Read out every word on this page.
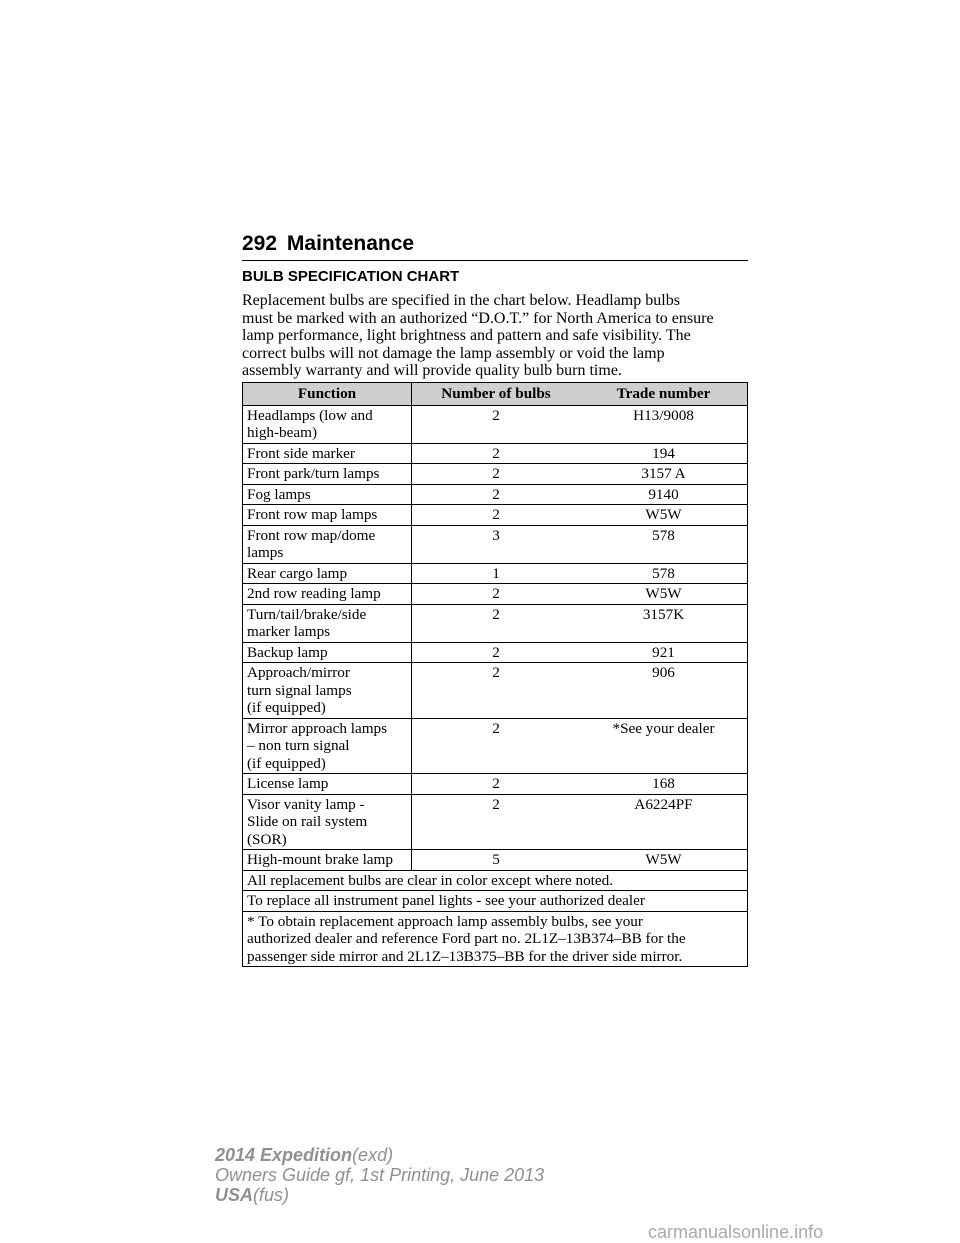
292 Maintenance
BULB SPECIFICATION CHART
Replacement bulbs are specified in the chart below. Headlamp bulbs
must be marked with an authorized “D.O.T.” for North America to ensure
lamp performance, light brightness and pattern and safe visibility. The
correct bulbs will not damage the lamp assembly or void the lamp
assembly warranty and will provide quality bulb burn time.
Function	Number of bulbs	Trade number

Headlamps (low and
high-beam)	2	H13/9008

Front side marker	2	194

Front park/turn lamps	2	3157 A

Fog lamps	2	9140

Front row map lamps	2	W5W

Front row map/dome
lamps	3	578

Rear cargo lamp	1	578

2nd row reading lamp	2	W5W

Turn/tail/brake/side
marker lamps	2	3157K

Backup lamp	2	921

Approach/mirror
turn signal lamps
(if equipped)	2	906

Mirror approach lamps
– non turn signal
(if equipped)	2	*See your dealer

License lamp	2	168

Visor vanity lamp -
Slide on rail system
(SOR)	2	A6224PF

High-mount brake lamp	5	W5W

All replacement bulbs are clear in color except where noted.		

To replace all instrument panel lights - see your authorized dealer		

* To obtain replacement approach lamp assembly bulbs, see your
authorized dealer and reference Ford part no. 2L1Z–13B374–BB for the
passenger side mirror and 2L1Z–13B375–BB for the driver side mirror.		
2014 Expedition(exd)
Owners Guide gf, 1st Printing, June 2013
USA(fus)
carmanualsonline.info
